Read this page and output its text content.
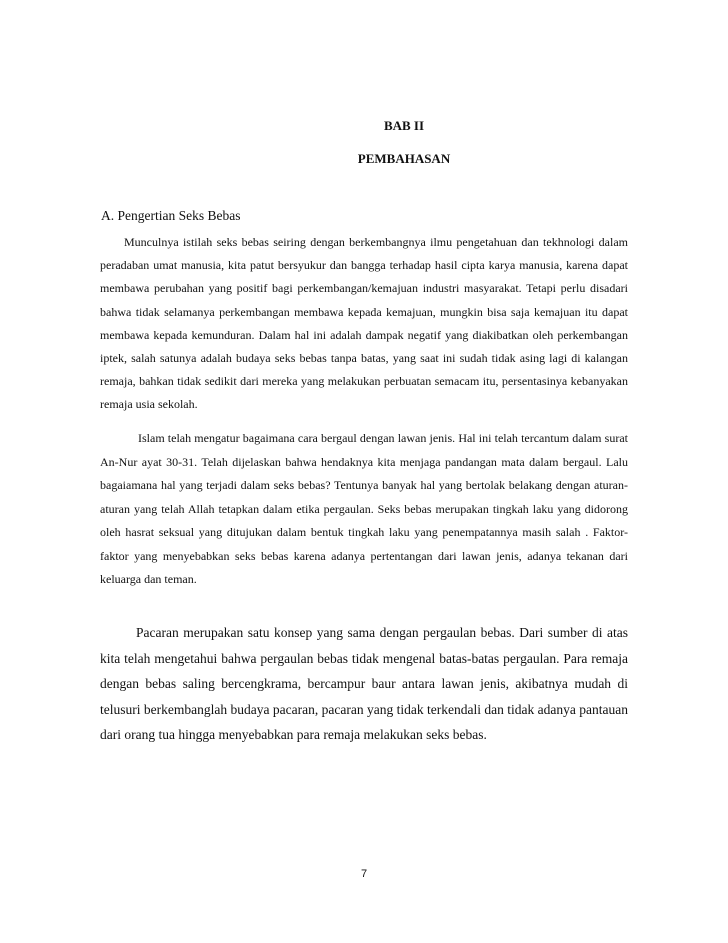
BAB II
PEMBAHASAN
A. Pengertian Seks Bebas

Munculnya istilah seks bebas seiring dengan berkembangnya ilmu pengetahuan dan tekhnologi dalam peradaban umat manusia, kita patut bersyukur dan bangga terhadap hasil cipta karya manusia, karena dapat membawa perubahan yang positif bagi perkembangan/kemajuan industri masyarakat. Tetapi perlu disadari bahwa tidak selamanya perkembangan membawa kepada kemajuan, mungkin bisa saja kemajuan itu dapat membawa kepada kemunduran. Dalam hal ini adalah dampak negatif yang diakibatkan oleh perkembangan iptek, salah satunya adalah budaya seks bebas tanpa batas, yang saat ini sudah tidak asing lagi di kalangan remaja, bahkan tidak sedikit dari mereka yang melakukan perbuatan semacam itu, persentasinya kebanyakan remaja usia sekolah.

Islam telah mengatur bagaimana cara bergaul dengan lawan jenis. Hal ini telah tercantum dalam surat An-Nur ayat 30-31. Telah dijelaskan bahwa hendaknya kita menjaga pandangan mata dalam bergaul. Lalu bagaiamana hal yang terjadi dalam seks bebas? Tentunya banyak hal yang bertolak belakang dengan aturan-aturan yang telah Allah tetapkan dalam etika pergaulan. Seks bebas merupakan tingkah laku yang didorong oleh hasrat seksual yang ditujukan dalam bentuk tingkah laku yang penempatannya masih salah . Faktor-faktor yang menyebabkan seks bebas karena adanya pertentangan dari lawan jenis, adanya tekanan dari keluarga dan teman.

Pacaran merupakan satu konsep yang sama dengan pergaulan bebas. Dari sumber di atas kita telah mengetahui bahwa pergaulan bebas tidak mengenal batas-batas pergaulan. Para remaja dengan bebas saling bercengkrama, bercampur baur antara lawan jenis, akibatnya mudah di telusuri berkembanglah budaya pacaran, pacaran yang tidak terkendali dan tidak adanya pantauan dari orang tua hingga menyebabkan para remaja melakukan seks bebas.

7
